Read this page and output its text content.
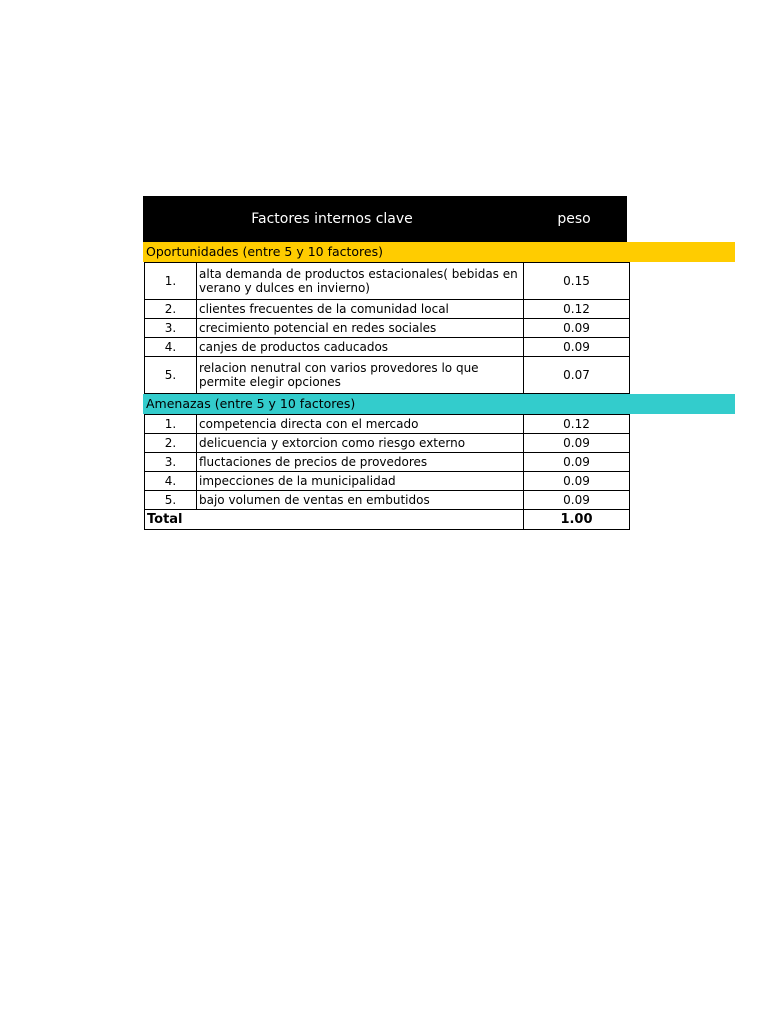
Factores internos clave	peso
Oportunidades (entre 5 y 10 factores)
1.	alta demanda de productos estacionales( bebidas en verano y dulces en invierno)	0.15
2.	clientes frecuentes de la comunidad local	0.12
3.	crecimiento potencial en redes sociales	0.09
4.	canjes de productos caducados	0.09
5.	relacion nenutral con varios provedores lo que permite elegir opciones	0.07
Amenazas (entre 5 y 10 factores)
1.	competencia directa con el mercado	0.12
2.	delicuencia y extorcion como riesgo externo	0.09
3.	fluctaciones de precios de provedores	0.09
4.	impecciones de la municipalidad	0.09
5.	bajo volumen de ventas en embutidos	0.09
Total		1.00
